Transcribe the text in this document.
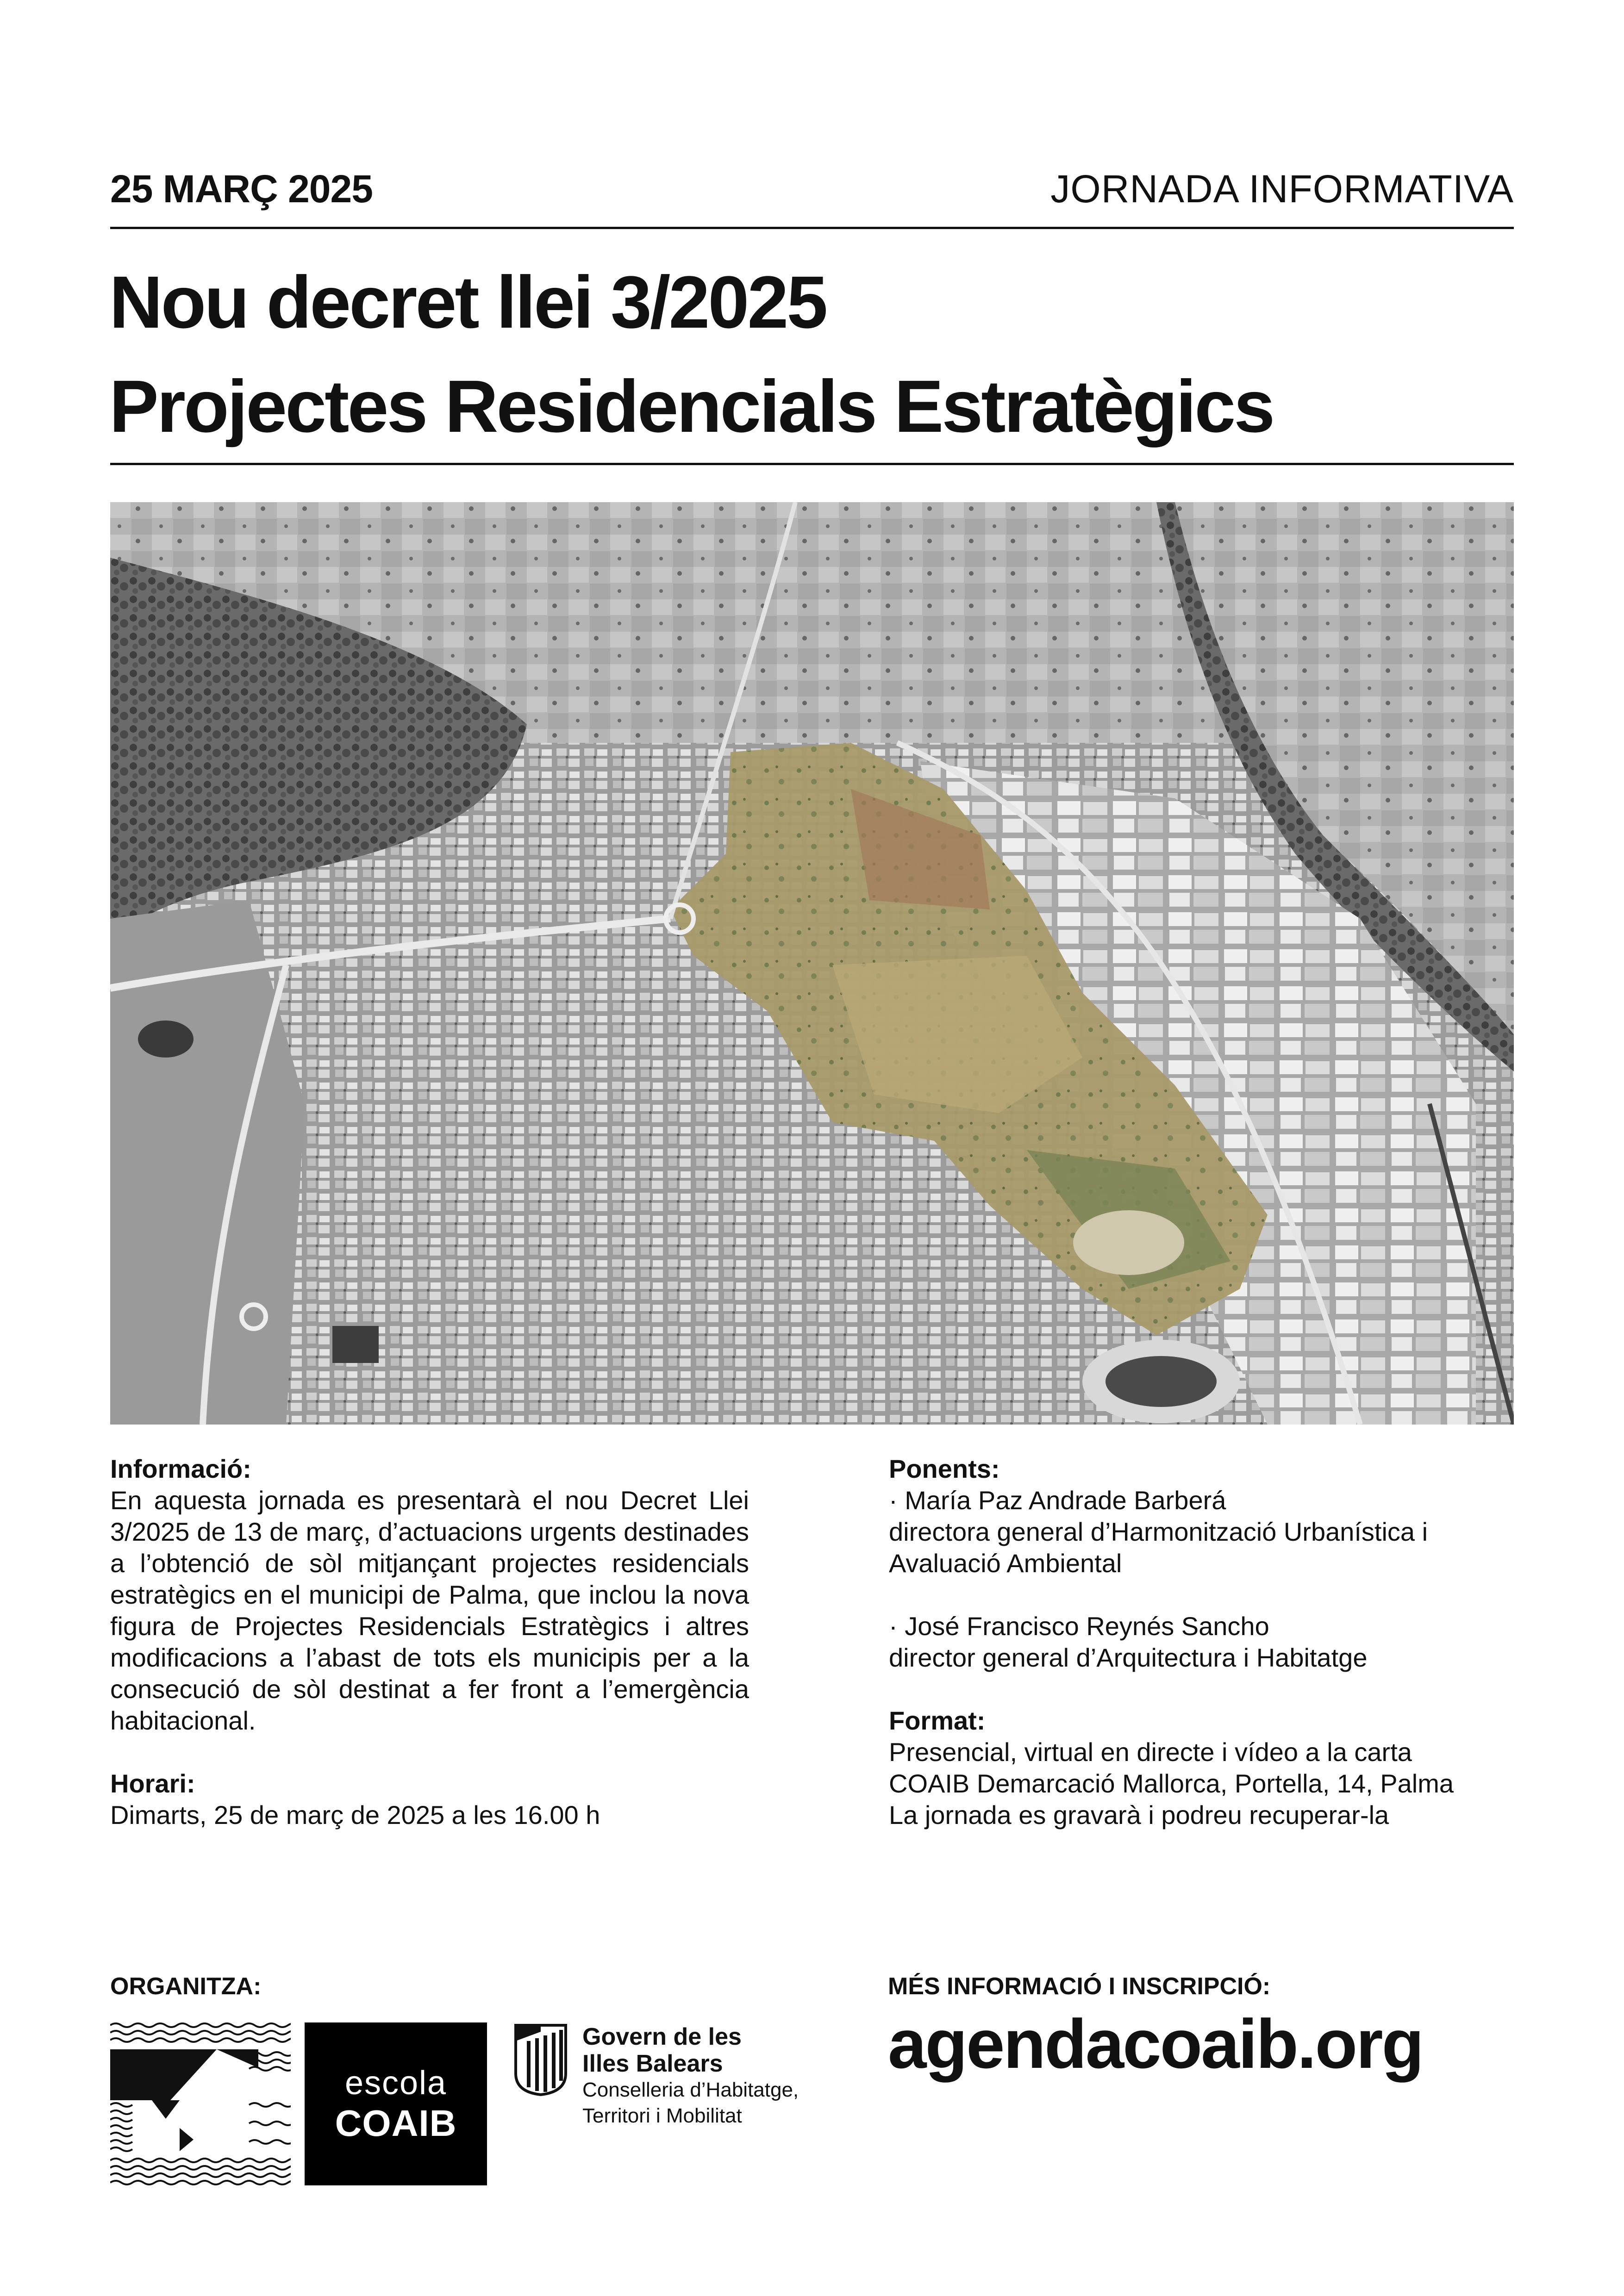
25 MARÇ 2025	JORNADA INFORMATIVA
Nou decret llei 3/2025
Projectes Residencials Estratègics
Informació:
En aquesta jornada es presentarà el nou Decret Llei 3/2025 de 13 de març, d’actuacions urgents destinades a l’obtenció de sòl mitjançant projectes residencials estratègics en el municipi de Palma, que inclou la nova figura de Projectes Residencials Estratègics i altres modificacions a l’abast de tots els municipis per a la consecució de sòl destinat a fer front a l’emergència habitacional.
Horari:
Dimarts, 25 de març de 2025 a les 16.00 h
Ponents:
· María Paz Andrade Barberá
directora general d’Harmonització Urbanística i Avaluació Ambiental
· José Francisco Reynés Sancho
director general d’Arquitectura i Habitatge
Format:
Presencial, virtual en directe i vídeo a la carta
COAIB Demarcació Mallorca, Portella, 14, Palma
La jornada es gravarà i podreu recuperar-la
ORGANITZA:	MÉS INFORMACIÓ I INSCRIPCIÓ:
escola
COAIB
Govern de les
Illes Balears
Conselleria d’Habitatge,
Territori i Mobilitat
agendacoaib.org
